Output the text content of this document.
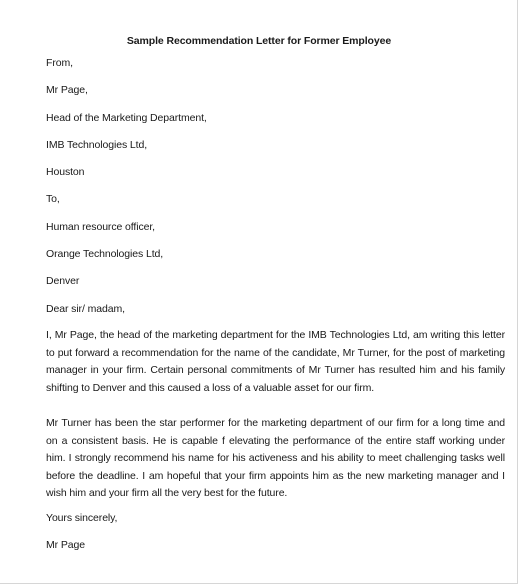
Sample Recommendation Letter for Former Employee
From,
Mr Page,
Head of the Marketing Department,
IMB Technologies Ltd,
Houston
To,
Human resource officer,
Orange Technologies Ltd,
Denver
Dear sir/ madam,
I, Mr Page, the head of the marketing department for the IMB Technologies Ltd, am writing this letter to put forward a recommendation for the name of the candidate, Mr Turner, for the post of marketing manager in your firm. Certain personal commitments of Mr Turner has resulted him and his family shifting to Denver and this caused a loss of a valuable asset for our firm.
Mr Turner has been the star performer for the marketing department of our firm for a long time and on a consistent basis. He is capable f elevating the performance of the entire staff working under him. I strongly recommend his name for his activeness and his ability to meet challenging tasks well before the deadline. I am hopeful that your firm appoints him as the new marketing manager and I wish him and your firm all the very best for the future.
Yours sincerely,
Mr Page
